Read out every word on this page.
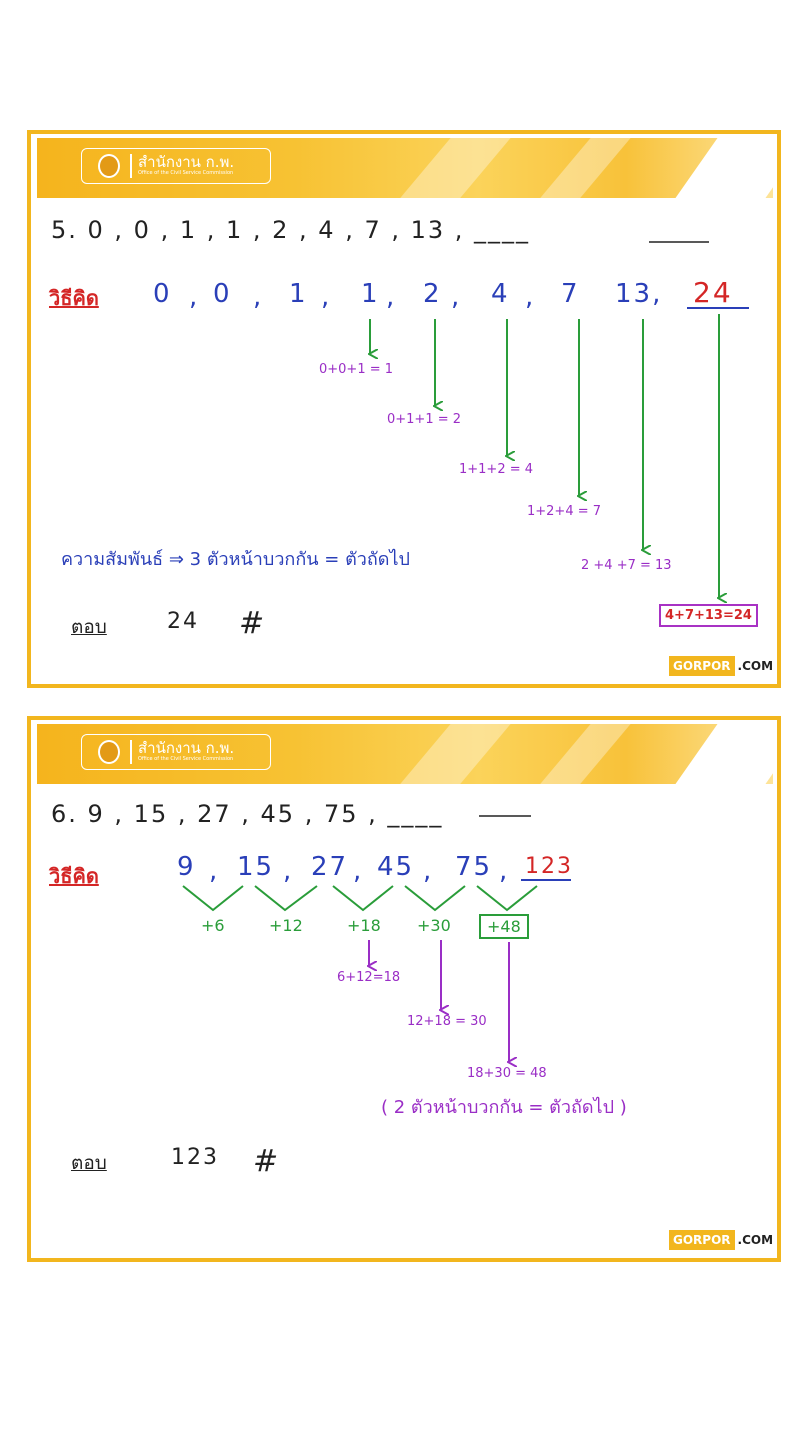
สำนักงาน ก.พ.
Office of the Civil Service Commission
5. 0 , 0 , 1 , 1 , 2 , 4 , 7 , 13 , ____
วิธีคิด 0 , 0 , 1 , 1 , 2 , 4 , 7 13, 24
0+0+1 = 1
0+1+1 = 2
1+1+2 = 4
1+2+4 = 7
2 +4 +7 = 13
4+7+13=24
ความสัมพันธ์ ⇒ 3 ตัวหน้าบวกกัน = ตัวถัดไป
ตอบ	24 #
GORPOR .COM
สำนักงาน ก.พ.
Office of the Civil Service Commission
6. 9 , 15 , 27 , 45 , 75 , ____
วิธีคิด	9 , 15 , 27 , 45 , 75 , 123
+6	+12	+18 +30	+48
6+12=18
12+18 = 30
18+30 = 48
( 2 ตัวหน้าบวกกัน = ตัวถัดไป )
ตอบ	123 #
GORPOR .COM
